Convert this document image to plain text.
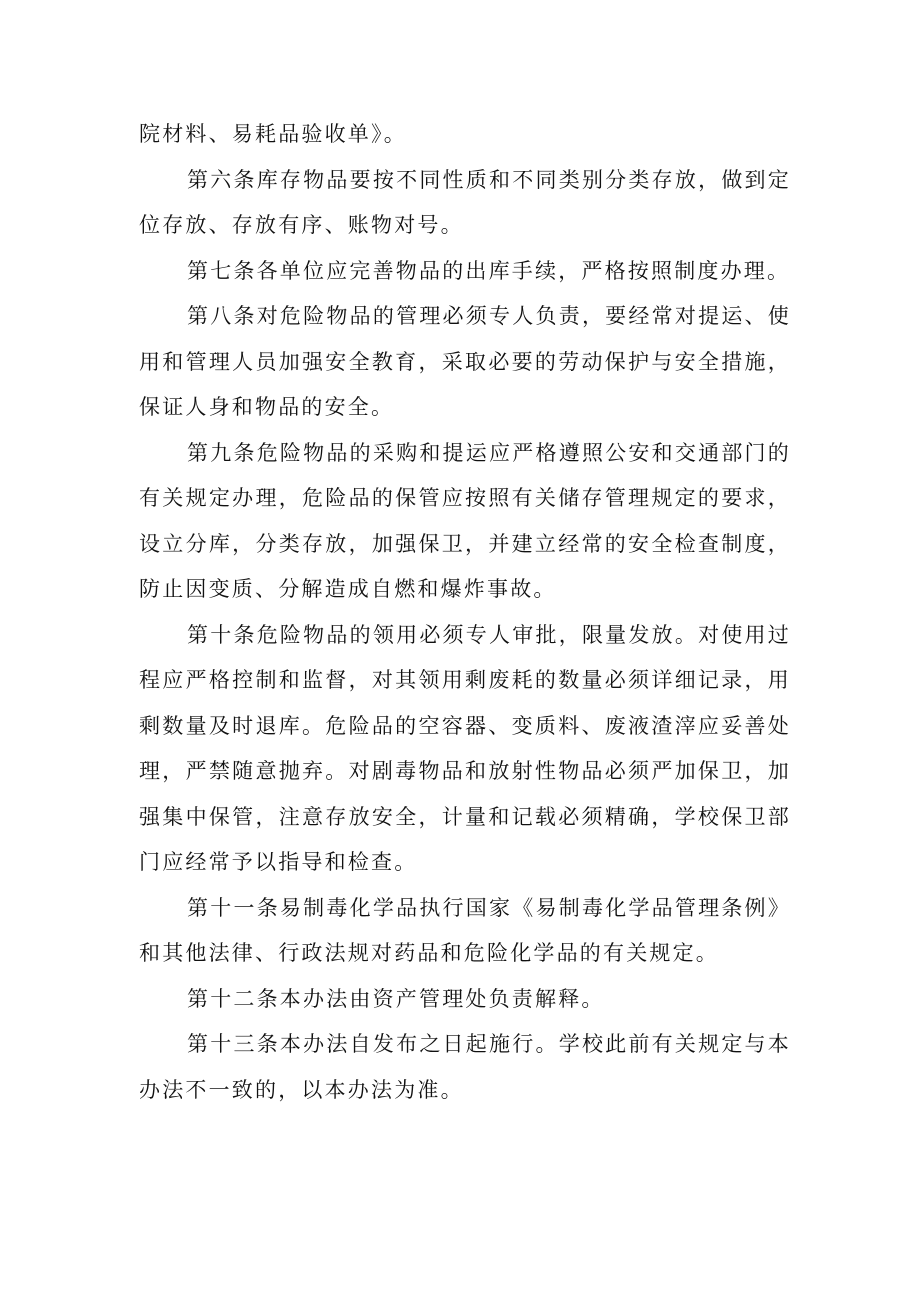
院材料、易耗品验收单》。

第六条库存物品要按不同性质和不同类别分类存放，做到定位存放、存放有序、账物对号。

第七条各单位应完善物品的出库手续，严格按照制度办理。

第八条对危险物品的管理必须专人负责，要经常对提运、使用和管理人员加强安全教育，采取必要的劳动保护与安全措施，保证人身和物品的安全。

第九条危险物品的采购和提运应严格遵照公安和交通部门的有关规定办理，危险品的保管应按照有关储存管理规定的要求，设立分库，分类存放，加强保卫，并建立经常的安全检查制度，防止因变质、分解造成自燃和爆炸事故。

第十条危险物品的领用必须专人审批，限量发放。对使用过程应严格控制和监督，对其领用剩废耗的数量必须详细记录，用剩数量及时退库。危险品的空容器、变质料、废液渣滓应妥善处理，严禁随意抛弃。对剧毒物品和放射性物品必须严加保卫，加强集中保管，注意存放安全，计量和记载必须精确，学校保卫部门应经常予以指导和检查。

第十一条易制毒化学品执行国家《易制毒化学品管理条例》和其他法律、行政法规对药品和危险化学品的有关规定。

第十二条本办法由资产管理处负责解释。

第十三条本办法自发布之日起施行。学校此前有关规定与本办法不一致的，以本办法为准。
